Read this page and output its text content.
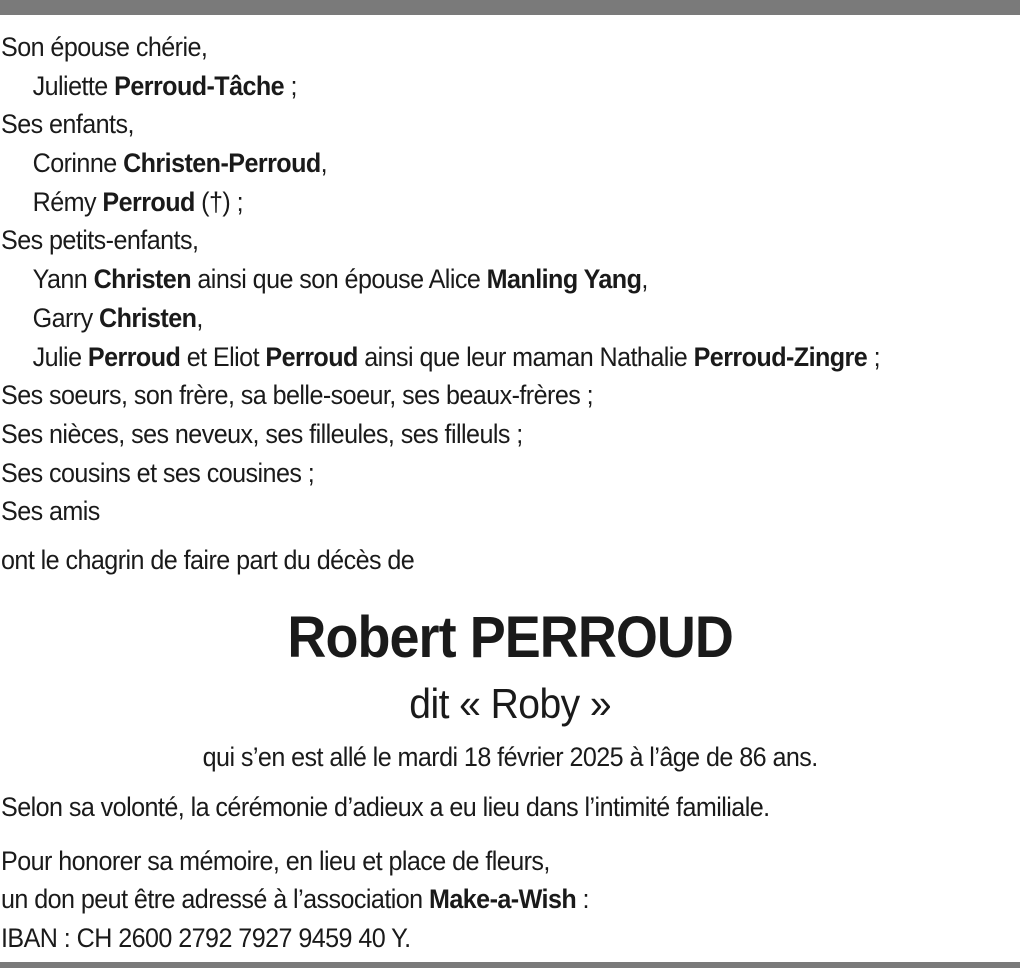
Son épouse chérie,
Juliette Perroud-Tâche ;
Ses enfants,
Corinne Christen-Perroud,
Rémy Perroud (†) ;
Ses petits-enfants,
Yann Christen ainsi que son épouse Alice Manling Yang,
Garry Christen,
Julie Perroud et Eliot Perroud ainsi que leur maman Nathalie Perroud-Zingre ;
Ses soeurs, son frère, sa belle-soeur, ses beaux-frères ;
Ses nièces, ses neveux, ses filleules, ses filleuls ;
Ses cousins et ses cousines ;
Ses amis
ont le chagrin de faire part du décès de
Robert PERROUD
dit « Roby »
qui s’en est allé le mardi 18 février 2025 à l’âge de 86 ans.
Selon sa volonté, la cérémonie d’adieux a eu lieu dans l’intimité familiale.
Pour honorer sa mémoire, en lieu et place de fleurs,
un don peut être adressé à l’association Make-a-Wish :
IBAN : CH 2600 2792 7927 9459 40 Y.
